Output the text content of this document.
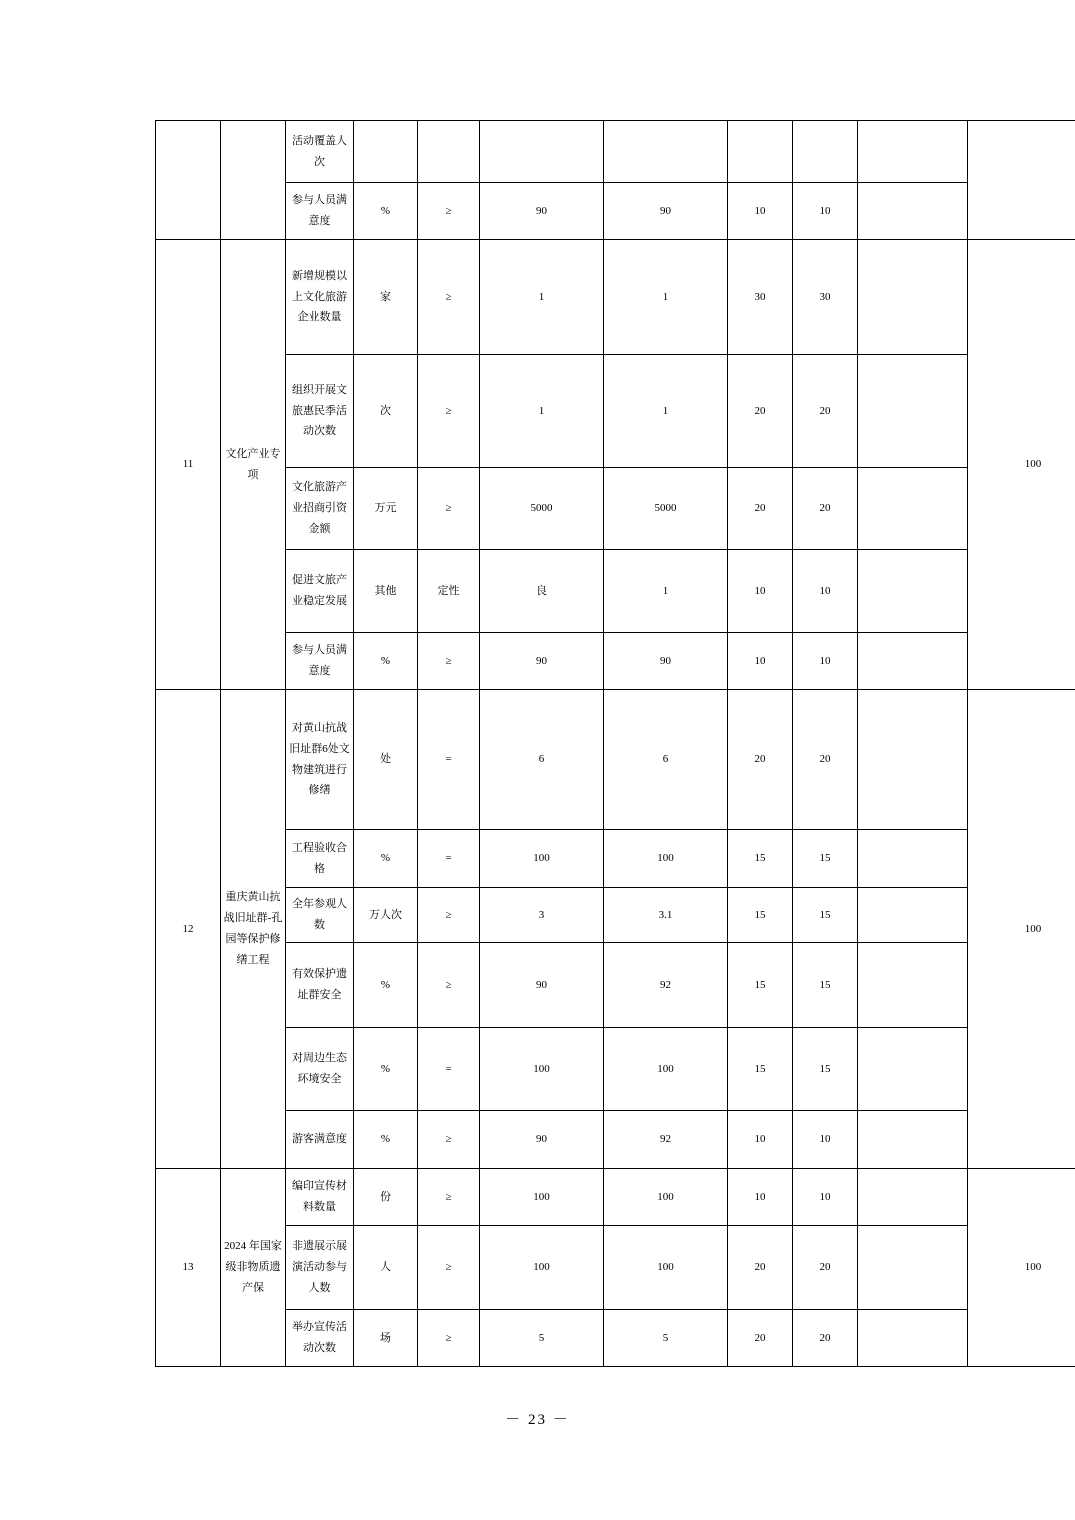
		活动覆盖人次								
		参与人员满意度	%	≥	90	90	10	10		
11	文化产业专项	新增规模以上文化旅游企业数量	家	≥	1	1	30	30		100
		组织开展文旅惠民季活动次数	次	≥	1	1	20	20		
		文化旅游产业招商引资金额	万元	≥	5000	5000	20	20		
		促进文旅产业稳定发展	其他	定性	良	1	10	10		
		参与人员满意度	%	≥	90	90	10	10		
12	重庆黄山抗战旧址群-孔园等保护修缮工程	对黄山抗战旧址群6处文物建筑进行修缮	处	=	6	6	20	20		100
		工程验收合格	%	=	100	100	15	15		
		全年参观人数	万人次	≥	3	3.1	15	15		
		有效保护遗址群安全	%	≥	90	92	15	15		
		对周边生态环境安全	%	=	100	100	15	15		
		游客满意度	%	≥	90	92	10	10		
13	2024 年国家级非物质遗产保	编印宣传材料数量	份	≥	100	100	10	10		100
		非遗展示展演活动参与人数	人	≥	100	100	20	20		
		举办宣传活动次数	场	≥	5	5	20	20		
－ 23 －
